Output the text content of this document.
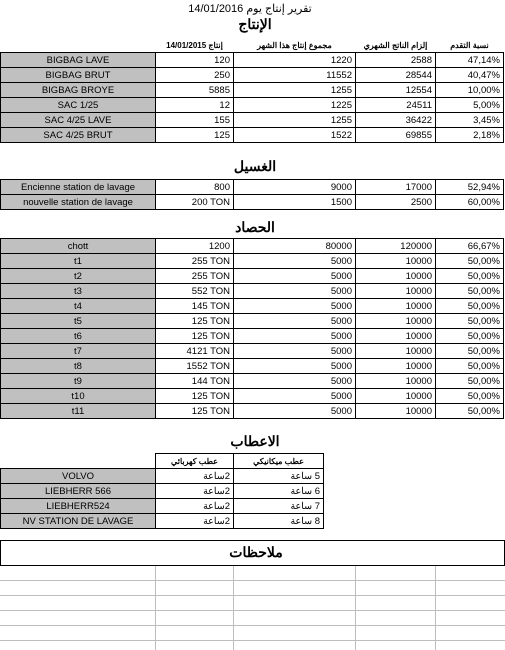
تقرير إنتاج يوم 14/01/2016
الإنتاج
	إنتاج 14/01/2015	مجموع إنتاج هذا الشهر	إلزام الناتج الشهري	نسبة التقدم
BIGBAG LAVE	120	1220	2588	47,14%
BIGBAG BRUT	250	11552	28544	40,47%
BIGBAG BROYE	5885	1255	12554	10,00%
SAC 1/25	12	1225	24511	5,00%
SAC 4/25 LAVE	155	1255	36422	3,45%
SAC 4/25 BRUT	125	1522	69855	2,18%
الغسيل
Encienne station de lavage	800	9000	17000	52,94%
nouvelle station de lavage	200 TON	1500	2500	60,00%
الحصاد
chott	1200	80000	120000	66,67%
t1	255 TON	5000	10000	50,00%
t2	255 TON	5000	10000	50,00%
t3	552 TON	5000	10000	50,00%
t4	145 TON	5000	10000	50,00%
t5	125 TON	5000	10000	50,00%
t6	125 TON	5000	10000	50,00%
t7	4121 TON	5000	10000	50,00%
t8	1552 TON	5000	10000	50,00%
t9	144 TON	5000	10000	50,00%
t10	125 TON	5000	10000	50,00%
t11	125 TON	5000	10000	50,00%
الاعطاب
	عطب كهربائي	عطب ميكانيكي
VOLVO	2ساعة	5 ساعة
LIEBHERR 566	2ساعة	6 ساعة
LIEBHERR524	2ساعة	7 ساعة
NV STATION DE LAVAGE	2ساعة	8 ساعة
ملاحظات
